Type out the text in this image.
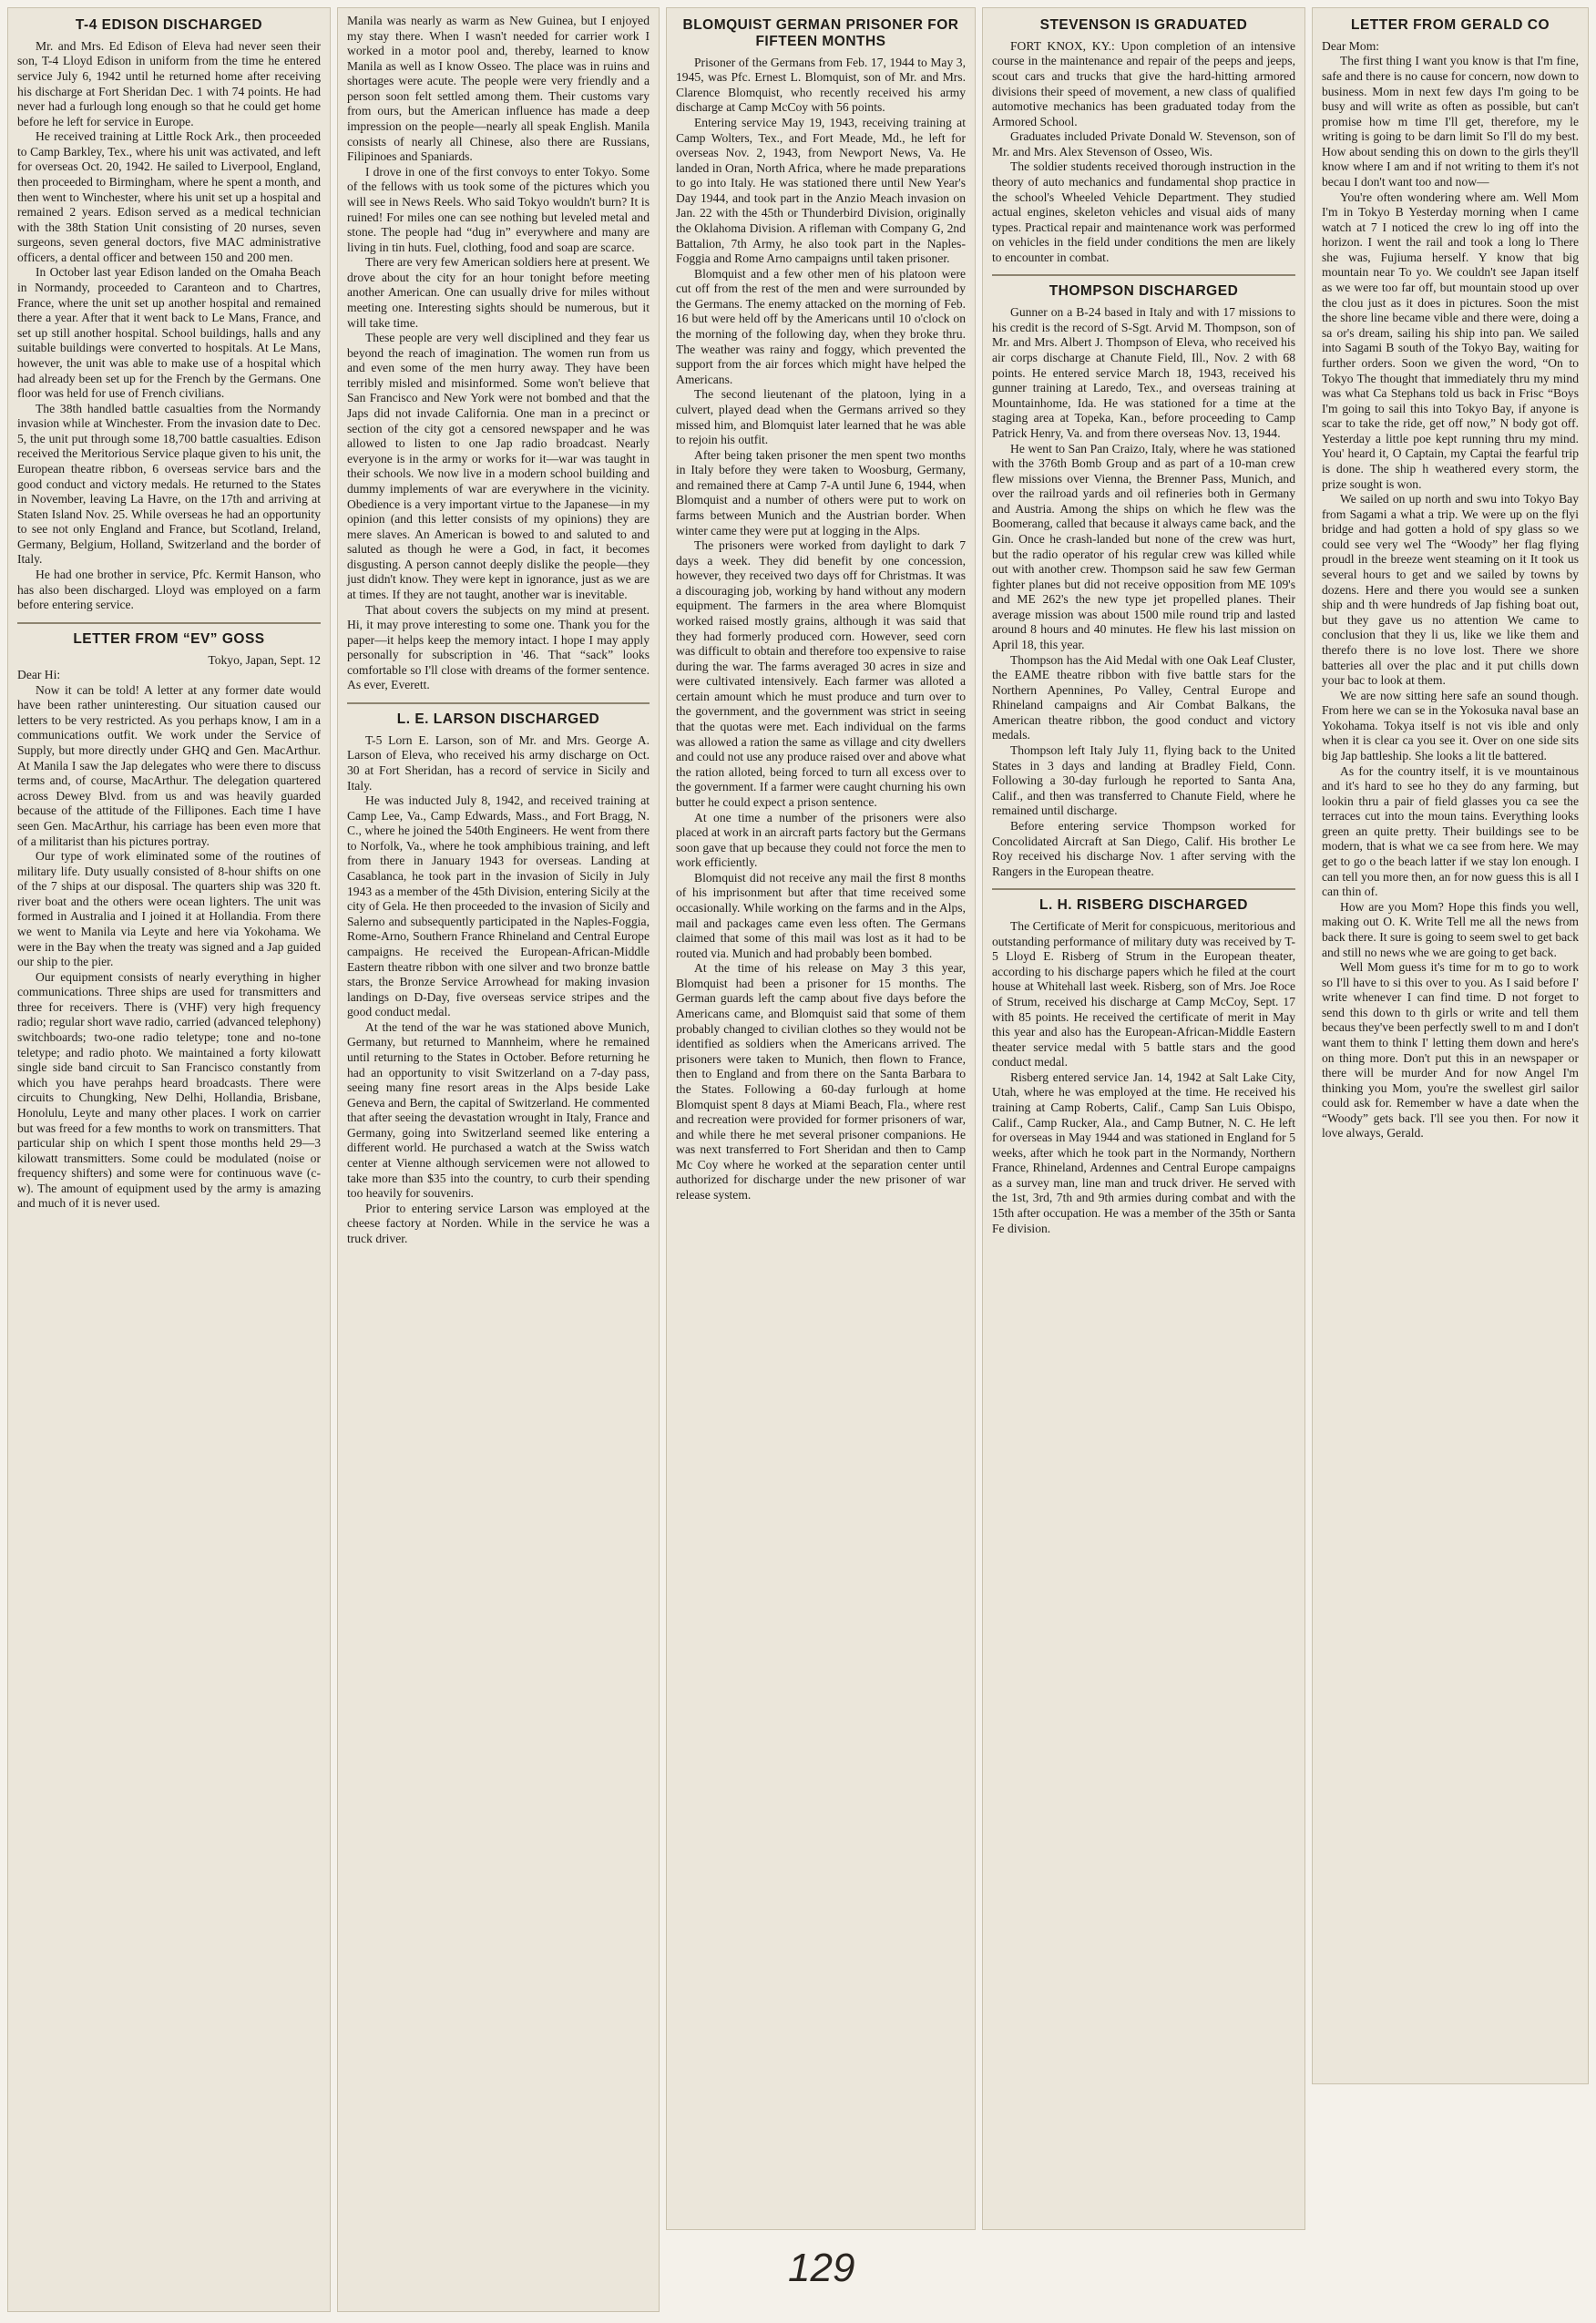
T-4 EDISON DISCHARGED

Mr. and Mrs. Ed Edison of Eleva had never seen their son, T-4 Lloyd Edison in uniform from the time he entered service July 6, 1942 until he returned home after receiving his discharge at Fort Sheridan Dec. 1 with 74 points. He had never had a furlough long enough so that he could get home before he left for service in Europe.

He received training at Little Rock Ark., then proceeded to Camp Barkley, Tex., where his unit was activated, and left for overseas Oct. 20, 1942. He sailed to Liverpool, England, then proceeded to Birmingham, where he spent a month, and then went to Winchester, where his unit set up a hospital and remained 2 years. Edison served as a medical technician with the 38th Station Unit consisting of 20 nurses, seven surgeons, seven general doctors, five MAC administrative officers, a dental officer and between 150 and 200 men.

In October last year Edison landed on the Omaha Beach in Normandy, proceeded to Caranteon and to Chartres, France, where the unit set up another hospital and remained there a year. After that it went back to Le Mans, France, and set up still another hospital. School buildings, halls and any suitable buildings were converted to hospitals. At Le Mans, however, the unit was able to make use of a hospital which had already been set up for the French by the Germans. One floor was held for use of French civilians.

The 38th handled battle casualties from the Normandy invasion while at Winchester. From the invasion date to Dec. 5, the unit put through some 18,700 battle casualties. Edison received the Meritorious Service plaque given to his unit, the European theatre ribbon, 6 overseas service bars and the good conduct and victory medals. He returned to the States in November, leaving La Havre, on the 17th and arriving at Staten Island Nov. 25. While overseas he had an opportunity to see not only England and France, but Scotland, Ireland, Germany, Belgium, Holland, Switzerland and the border of Italy.

He had one brother in service, Pfc. Kermit Hanson, who has also been discharged. Lloyd was employed on a farm before entering service.

LETTER FROM “EV” GOSS

Tokyo, Japan, Sept. 12

Dear Hi:

Now it can be told! A letter at any former date would have been rather uninteresting. Our situation caused our letters to be very restricted. As you perhaps know, I am in a communications outfit. We work under the Service of Supply, but more directly under GHQ and Gen. MacArthur. At Manila I saw the Jap delegates who were there to discuss terms and, of course, MacArthur. The delegation quartered across Dewey Blvd. from us and was heavily guarded because of the attitude of the Fillipones. Each time I have seen Gen. MacArthur, his carriage has been even more that of a militarist than his pictures portray.

Our type of work eliminated some of the routines of military life. Duty usually consisted of 8-hour shifts on one of the 7 ships at our disposal. The quarters ship was 320 ft. river boat and the others were ocean lighters. The unit was formed in Australia and I joined it at Hollandia. From there we went to Manila via Leyte and here via Yokohama. We were in the Bay when the treaty was signed and a Jap guided our ship to the pier.

Our equipment consists of nearly everything in higher communications. Three ships are used for transmitters and three for receivers. There is (VHF) very high frequency radio; regular short wave radio, carried (advanced telephony) switchboards; two-one radio teletype; tone and no-tone teletype; and radio photo. We maintained a forty kilowatt single side band circuit to San Francisco constantly from which you have perahps heard broadcasts. There were circuits to Chungking, New Delhi, Hollandia, Brisbane, Honolulu, Leyte and many other places. I work on carrier but was freed for a few months to work on transmitters. That particular ship on which I spent those months held 29—3 kilowatt transmitters. Some could be modulated (noise or frequency shifters) and some were for continuous wave (c-w). The amount of equipment used by the army is amazing and much of it is never used.

Manila was nearly as warm as New Guinea, but I enjoyed my stay there. When I wasn't needed for carrier work I worked in a motor pool and, thereby, learned to know Manila as well as I know Osseo. The place was in ruins and shortages were acute. The people were very friendly and a person soon felt settled among them. Their customs vary from ours, but the American influence has made a deep impression on the people—nearly all speak English. Manila consists of nearly all Chinese, also there are Russians, Filipinoes and Spaniards.

I drove in one of the first convoys to enter Tokyo. Some of the fellows with us took some of the pictures which you will see in News Reels. Who said Tokyo wouldn't burn? It is ruined! For miles one can see nothing but leveled metal and stone. The people had “dug in” everywhere and many are living in tin huts. Fuel, clothing, food and soap are scarce.

There are very few American soldiers here at present. We drove about the city for an hour tonight before meeting another American. One can usually drive for miles without meeting one. Interesting sights should be numerous, but it will take time.

These people are very well disciplined and they fear us beyond the reach of imagination. The women run from us and even some of the men hurry away. They have been terribly misled and misinformed. Some won't believe that San Francisco and New York were not bombed and that the Japs did not invade California. One man in a precinct or section of the city got a censored newspaper and he was allowed to listen to one Jap radio broadcast. Nearly everyone is in the army or works for it—war was taught in their schools. We now live in a modern school building and dummy implements of war are everywhere in the vicinity. Obedience is a very important virtue to the Japanese—in my opinion (and this letter consists of my opinions) they are mere slaves. An American is bowed to and saluted to and saluted as though he were a God, in fact, it becomes disgusting. A person cannot deeply dislike the people—they just didn't know. They were kept in ignorance, just as we are at times. If they are not taught, another war is inevitable.

That about covers the subjects on my mind at present. Hi, it may prove interesting to some one. Thank you for the paper—it helps keep the memory intact. I hope I may apply personally for subscription in '46. That “sack” looks comfortable so I'll close with dreams of the former sentence. As ever, Everett.

L. E. LARSON DISCHARGED

T-5 Lorn E. Larson, son of Mr. and Mrs. George A. Larson of Eleva, who received his army discharge on Oct. 30 at Fort Sheridan, has a record of service in Sicily and Italy.

He was inducted July 8, 1942, and received training at Camp Lee, Va., Camp Edwards, Mass., and Fort Bragg, N. C., where he joined the 540th Engineers. He went from there to Norfolk, Va., where he took amphibious training, and left from there in January 1943 for overseas. Landing at Casablanca, he took part in the invasion of Sicily in July 1943 as a member of the 45th Division, entering Sicily at the city of Gela. He then proceeded to the invasion of Sicily and Salerno and subsequently participated in the Naples-Foggia, Rome-Arno, Southern France Rhineland and Central Europe campaigns. He received the European-African-Middle Eastern theatre ribbon with one silver and two bronze battle stars, the Bronze Service Arrowhead for making invasion landings on D-Day, five overseas service stripes and the good conduct medal.

At the tend of the war he was stationed above Munich, Germany, but returned to Mannheim, where he remained until returning to the States in October. Before returning he had an opportunity to visit Switzerland on a 7-day pass, seeing many fine resort areas in the Alps beside Lake Geneva and Bern, the capital of Switzerland. He commented that after seeing the devastation wrought in Italy, France and Germany, going into Switzerland seemed like entering a different world. He purchased a watch at the Swiss watch center at Vienne although servicemen were not allowed to take more than $35 into the country, to curb their spending too heavily for souvenirs.

Prior to entering service Larson was employed at the cheese factory at Norden. While in the service he was a truck driver.

BLOMQUIST GERMAN PRISONER FOR FIFTEEN MONTHS

Prisoner of the Germans from Feb. 17, 1944 to May 3, 1945, was Pfc. Ernest L. Blomquist, son of Mr. and Mrs. Clarence Blomquist, who recently received his army discharge at Camp McCoy with 56 points.

Entering service May 19, 1943, receiving training at Camp Wolters, Tex., and Fort Meade, Md., he left for overseas Nov. 2, 1943, from Newport News, Va. He landed in Oran, North Africa, where he made preparations to go into Italy. He was stationed there until New Year's Day 1944, and took part in the Anzio Meach invasion on Jan. 22 with the 45th or Thunderbird Division, originally the Oklahoma Division. A rifleman with Company G, 2nd Battalion, 7th Army, he also took part in the Naples-Foggia and Rome Arno campaigns until taken prisoner.

Blomquist and a few other men of his platoon were cut off from the rest of the men and were surrounded by the Germans. The enemy attacked on the morning of Feb. 16 but were held off by the Americans until 10 o'clock on the morning of the following day, when they broke thru. The weather was rainy and foggy, which prevented the support from the air forces which might have helped the Americans.

The second lieutenant of the platoon, lying in a culvert, played dead when the Germans arrived so they missed him, and Blomquist later learned that he was able to rejoin his outfit.

After being taken prisoner the men spent two months in Italy before they were taken to Woosburg, Germany, and remained there at Camp 7-A until June 6, 1944, when Blomquist and a number of others were put to work on farms between Munich and the Austrian border. When winter came they were put at logging in the Alps.

The prisoners were worked from daylight to dark 7 days a week. They did benefit by one concession, however, they received two days off for Christmas. It was a discouraging job, working by hand without any modern equipment. The farmers in the area where Blomquist worked raised mostly grains, although it was said that they had formerly produced corn. However, seed corn was difficult to obtain and therefore too expensive to raise during the war. The farms averaged 30 acres in size and were cultivated intensively. Each farmer was alloted a certain amount which he must produce and turn over to the government, and the government was strict in seeing that the quotas were met. Each individual on the farms was allowed a ration the same as village and city dwellers and could not use any produce raised over and above what the ration alloted, being forced to turn all excess over to the government. If a farmer were caught churning his own butter he could expect a prison sentence.

At one time a number of the prisoners were also placed at work in an aircraft parts factory but the Germans soon gave that up because they could not force the men to work efficiently.

Blomquist did not receive any mail the first 8 months of his imprisonment but after that time received some occasionally. While working on the farms and in the Alps, mail and packages came even less often. The Germans claimed that some of this mail was lost as it had to be routed via. Munich and had probably been bombed.

At the time of his release on May 3 this year, Blomquist had been a prisoner for 15 months. The German guards left the camp about five days before the Americans came, and Blomquist said that some of them probably changed to civilian clothes so they would not be identified as soldiers when the Americans arrived. The prisoners were taken to Munich, then flown to France, then to England and from there on the Santa Barbara to the States. Following a 60-day furlough at home Blomquist spent 8 days at Miami Beach, Fla., where rest and recreation were provided for former prisoners of war, and while there he met several prisoner companions. He was next transferred to Fort Sheridan and then to Camp Mc Coy where he worked at the separation center until authorized for discharge under the new prisoner of war release system.

STEVENSON IS GRADUATED

FORT KNOX, KY.: Upon completion of an intensive course in the maintenance and repair of the peeps and jeeps, scout cars and trucks that give the hard-hitting armored divisions their speed of movement, a new class of qualified automotive mechanics has been graduated today from the Armored School.

Graduates included Private Donald W. Stevenson, son of Mr. and Mrs. Alex Stevenson of Osseo, Wis.

The soldier students received thorough instruction in the theory of auto mechanics and fundamental shop practice in the school's Wheeled Vehicle Department. They studied actual engines, skeleton vehicles and visual aids of many types. Practical repair and maintenance work was performed on vehicles in the field under conditions the men are likely to encounter in combat.

THOMPSON DISCHARGED

Gunner on a B-24 based in Italy and with 17 missions to his credit is the record of S-Sgt. Arvid M. Thompson, son of Mr. and Mrs. Albert J. Thompson of Eleva, who received his air corps discharge at Chanute Field, Ill., Nov. 2 with 68 points. He entered service March 18, 1943, received his gunner training at Laredo, Tex., and overseas training at Mountainhome, Ida. He was stationed for a time at the staging area at Topeka, Kan., before proceeding to Camp Patrick Henry, Va. and from there overseas Nov. 13, 1944.

He went to San Pan Craizo, Italy, where he was stationed with the 376th Bomb Group and as part of a 10-man crew flew missions over Vienna, the Brenner Pass, Munich, and over the railroad yards and oil refineries both in Germany and Austria. Among the ships on which he flew was the Boomerang, called that because it always came back, and the Gin. Once he crash-landed but none of the crew was hurt, but the radio operator of his regular crew was killed while out with another crew. Thompson said he saw few German fighter planes but did not receive opposition from ME 109's and ME 262's the new type jet propelled planes. Their average mission was about 1500 mile round trip and lasted around 8 hours and 40 minutes. He flew his last mission on April 18, this year.

Thompson has the Aid Medal with one Oak Leaf Cluster, the EAME theatre ribbon with five battle stars for the Northern Apennines, Po Valley, Central Europe and Rhineland campaigns and Air Combat Balkans, the American theatre ribbon, the good conduct and victory medals.

Thompson left Italy July 11, flying back to the United States in 3 days and landing at Bradley Field, Conn. Following a 30-day furlough he reported to Santa Ana, Calif., and then was transferred to Chanute Field, where he remained until discharge.

Before entering service Thompson worked for Concolidated Aircraft at San Diego, Calif. His brother Le Roy received his discharge Nov. 1 after serving with the Rangers in the European theatre.

L. H. RISBERG DISCHARGED

The Certificate of Merit for conspicuous, meritorious and outstanding performance of military duty was received by T-5 Lloyd E. Risberg of Strum in the European theater, according to his discharge papers which he filed at the court house at Whitehall last week. Risberg, son of Mrs. Joe Roce of Strum, received his discharge at Camp McCoy, Sept. 17 with 85 points. He received the certificate of merit in May this year and also has the European-African-Middle Eastern theater service medal with 5 battle stars and the good conduct medal.

Risberg entered service Jan. 14, 1942 at Salt Lake City, Utah, where he was employed at the time. He received his training at Camp Roberts, Calif., Camp San Luis Obispo, Calif., Camp Rucker, Ala., and Camp Butner, N. C. He left for overseas in May 1944 and was stationed in England for 5 weeks, after which he took part in the Normandy, Northern France, Rhineland, Ardennes and Central Europe campaigns as a survey man, line man and truck driver. He served with the 1st, 3rd, 7th and 9th armies during combat and with the 15th after occupation. He was a member of the 35th or Santa Fe division.

LETTER FROM GERALD CO

Dear Mom:

The first thing I want you know is that I'm fine, safe and there is no cause for concern, now down to business. Mom in next few days I'm going to be busy and will write as often as possible, but can't promise how m time I'll get, therefore, my le writing is going to be darn limit So I'll do my best. How about sending this on down to the girls they'll know where I am and if not writing to them it's not becau I don't want too and now—

You're often wondering where am. Well Mom I'm in Tokyo B Yesterday morning when I came watch at 7 I noticed the crew lo ing off into the horizon. I went the rail and took a long lo There she was, Fujiuma herself. Y know that big mountain near To yo. We couldn't see Japan itself as we were too far off, but mountain stood up over the clou just as it does in pictures. Soon the mist the shore line became vible and there were, doing a sa or's dream, sailing his ship into pan. We sailed into Sagami B south of the Tokyo Bay, waiting for further orders. Soon we given the word, “On to Tokyo The thought that immediately thru my mind was what Ca Stephans told us back in Frisc “Boys I'm going to sail this into Tokyo Bay, if anyone is scar to take the ride, get off now,” N body got off. Yesterday a little poe kept running thru my mind. You' heard it, O Captain, my Captai the fearful trip is done. The ship h weathered every storm, the prize sought is won.

We sailed on up north and swu into Tokyo Bay from Sagami a what a trip. We were up on the flyi bridge and had gotten a hold of spy glass so we could see very wel The “Woody” her flag flying proudl in the breeze went steaming on it It took us several hours to get and we sailed by towns by dozens. Here and there you would see a sunken ship and th were hundreds of Jap fishing boat out, but they gave us no attention We came to conclusion that they li us, like we like them and therefo there is no love lost. There we shore batteries all over the plac and it put chills down your bac to look at them.

We are now sitting here safe an sound though. From here we can se in the Yokosuka naval base an Yokohama. Tokya itself is not vis ible and only when it is clear ca you see it. Over on one side sits big Jap battleship. She looks a lit tle battered.

As for the country itself, it is ve mountainous and it's hard to see ho they do any farming, but lookin thru a pair of field glasses you ca see the terraces cut into the moun tains. Everything looks green an quite pretty. Their buildings see to be modern, that is what we ca see from here. We may get to go o the beach latter if we stay lon enough. I can tell you more then, an for now guess this is all I can thin of.

How are you Mom? Hope this finds you well, making out O. K. Write Tell me all the news from back there. It sure is going to seem swel to get back and still no news whe we are going to get back.

Well Mom guess it's time for m to go to work so I'll have to si this over to you. As I said before I' write whenever I can find time. D not forget to send this down to th girls or write and tell them becaus they've been perfectly swell to m and I don't want them to think I' letting them down and here's on thing more. Don't put this in an newspaper or there will be murder And for now Angel I'm thinking you Mom, you're the swellest girl sailor could ask for. Remember w have a date when the “Woody” gets back. I'll see you then. For now it love always, Gerald.

129
